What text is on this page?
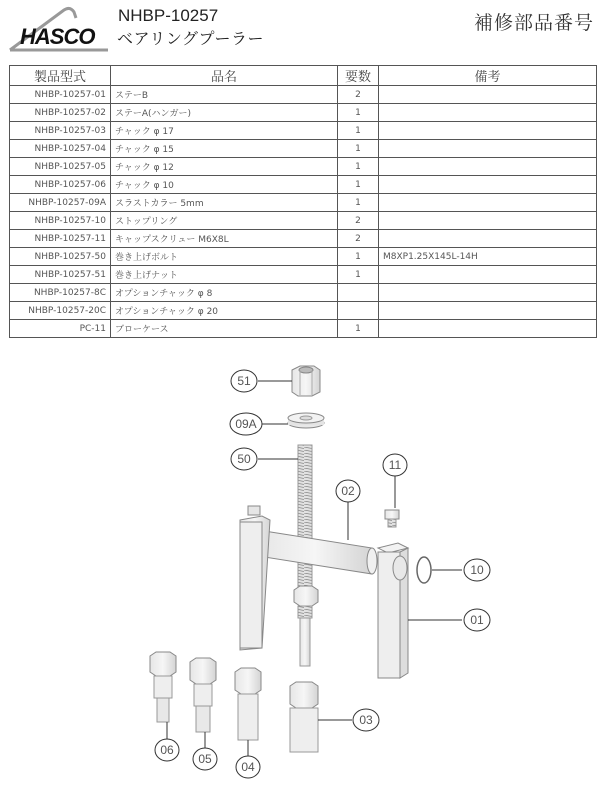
HASCO
NHBP-10257
ベアリングプーラー
補修部品番号
製品型式	品名	要数	備考
NHBP-10257-01	ステーB	2	
NHBP-10257-02	ステーA(ハンガー)	1	
NHBP-10257-03	チャック φ 17	1	
NHBP-10257-04	チャック φ 15	1	
NHBP-10257-05	チャック φ 12	1	
NHBP-10257-06	チャック φ 10	1	
NHBP-10257-09A	スラストカラー 5mm	1	
NHBP-10257-10	ストップリング	2	
NHBP-10257-11	キャップスクリュー M6X8L	2	
NHBP-10257-50	巻き上げボルト	1	M8XP1.25X145L-14H
NHBP-10257-51	巻き上げナット	1	
NHBP-10257-8C	オプションチャック φ 8		
NHBP-10257-20C	オプションチャック φ 20		
PC-11	ブローケース	1	
51
09A
50
02
11
10
01
03
06
05
04
